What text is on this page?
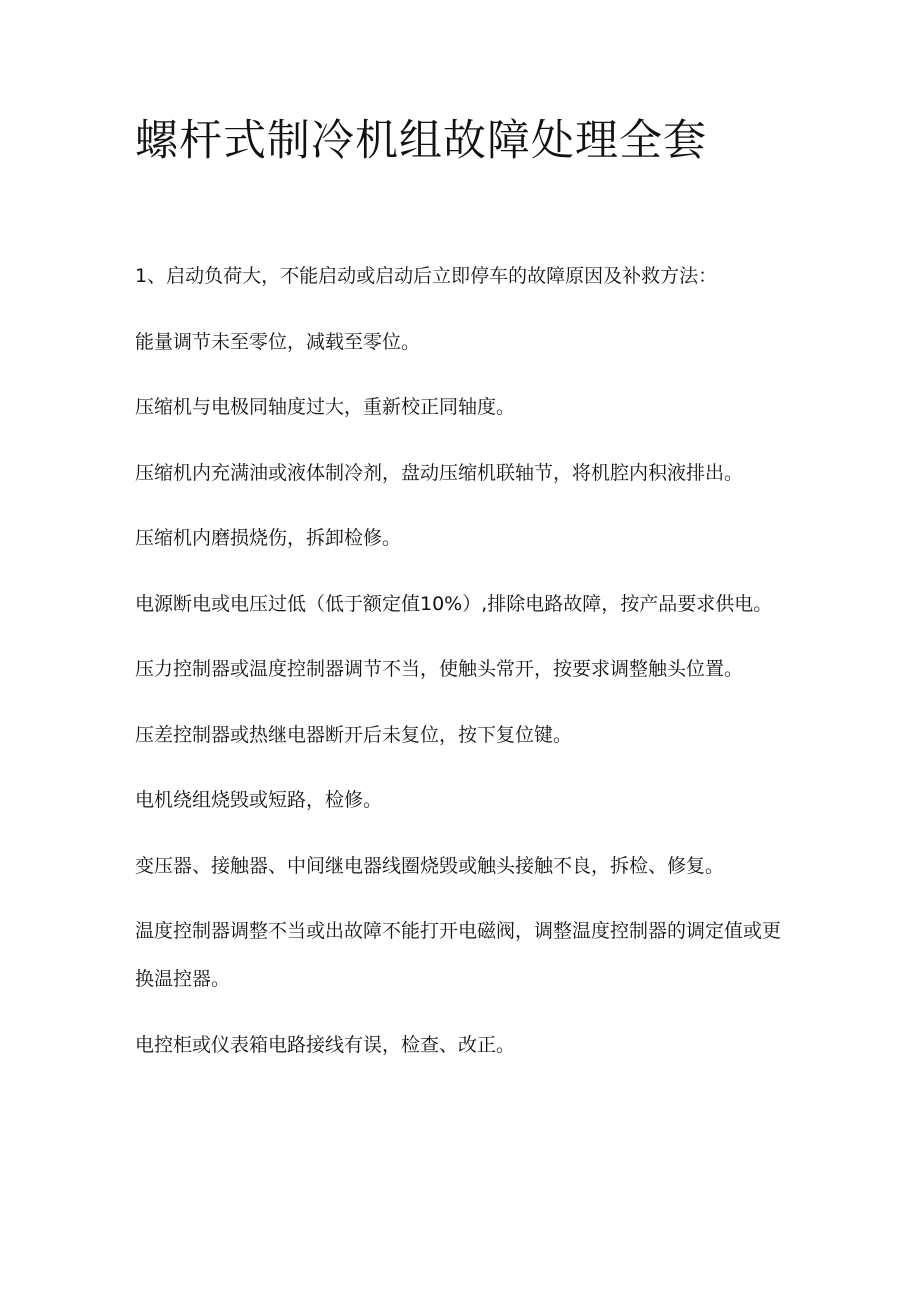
螺杆式制冷机组故障处理全套

1、启动负荷大，不能启动或启动后立即停车的故障原因及补救方法：

能量调节未至零位，减载至零位。

压缩机与电极同轴度过大，重新校正同轴度。

压缩机内充满油或液体制冷剂，盘动压缩机联轴节，将机腔内积液排出。

压缩机内磨损烧伤，拆卸检修。

电源断电或电压过低（低于额定值10%）,排除电路故障，按产品要求供电。

压力控制器或温度控制器调节不当，使触头常开，按要求调整触头位置。

压差控制器或热继电器断开后未复位，按下复位键。

电机绕组烧毁或短路，检修。

变压器、接触器、中间继电器线圈烧毁或触头接触不良，拆检、修复。

温度控制器调整不当或出故障不能打开电磁阀，调整温度控制器的调定值或更换温控器。

电控柜或仪表箱电路接线有误，检查、改正。
